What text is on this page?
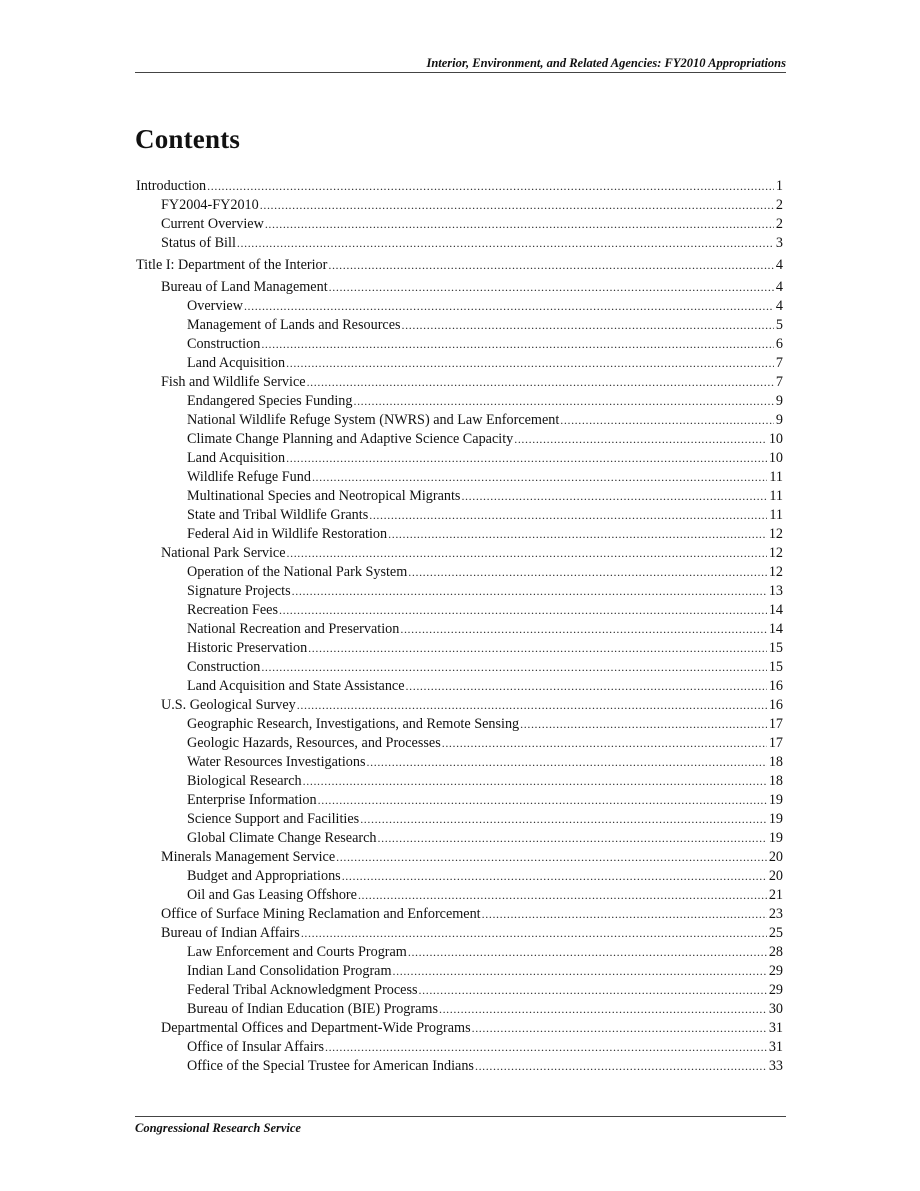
Interior, Environment, and Related Agencies: FY2010 Appropriations
Contents
Introduction .....	1
FY2004-FY2010 .....	2
Current Overview .....	2
Status of Bill .....	3
Title I: Department of the Interior .....	4
Bureau of Land Management .....	4
Overview .....	4
Management of Lands and Resources .....	5
Construction .....	6
Land Acquisition .....	7
Fish and Wildlife Service .....	7
Endangered Species Funding .....	9
National Wildlife Refuge System (NWRS) and Law Enforcement .....	9
Climate Change Planning and Adaptive Science Capacity .....	10
Land Acquisition .....	10
Wildlife Refuge Fund .....	11
Multinational Species and Neotropical Migrants .....	11
State and Tribal Wildlife Grants .....	11
Federal Aid in Wildlife Restoration .....	12
National Park Service .....	12
Operation of the National Park System .....	12
Signature Projects .....	13
Recreation Fees .....	14
National Recreation and Preservation .....	14
Historic Preservation .....	15
Construction .....	15
Land Acquisition and State Assistance .....	16
U.S. Geological Survey .....	16
Geographic Research, Investigations, and Remote Sensing .....	17
Geologic Hazards, Resources, and Processes .....	17
Water Resources Investigations .....	18
Biological Research .....	18
Enterprise Information .....	19
Science Support and Facilities .....	19
Global Climate Change Research .....	19
Minerals Management Service .....	20
Budget and Appropriations .....	20
Oil and Gas Leasing Offshore .....	21
Office of Surface Mining Reclamation and Enforcement .....	23
Bureau of Indian Affairs .....	25
Law Enforcement and Courts Program .....	28
Indian Land Consolidation Program .....	29
Federal Tribal Acknowledgment Process .....	29
Bureau of Indian Education (BIE) Programs .....	30
Departmental Offices and Department-Wide Programs .....	31
Office of Insular Affairs .....	31
Office of the Special Trustee for American Indians .....	33
Congressional Research Service
